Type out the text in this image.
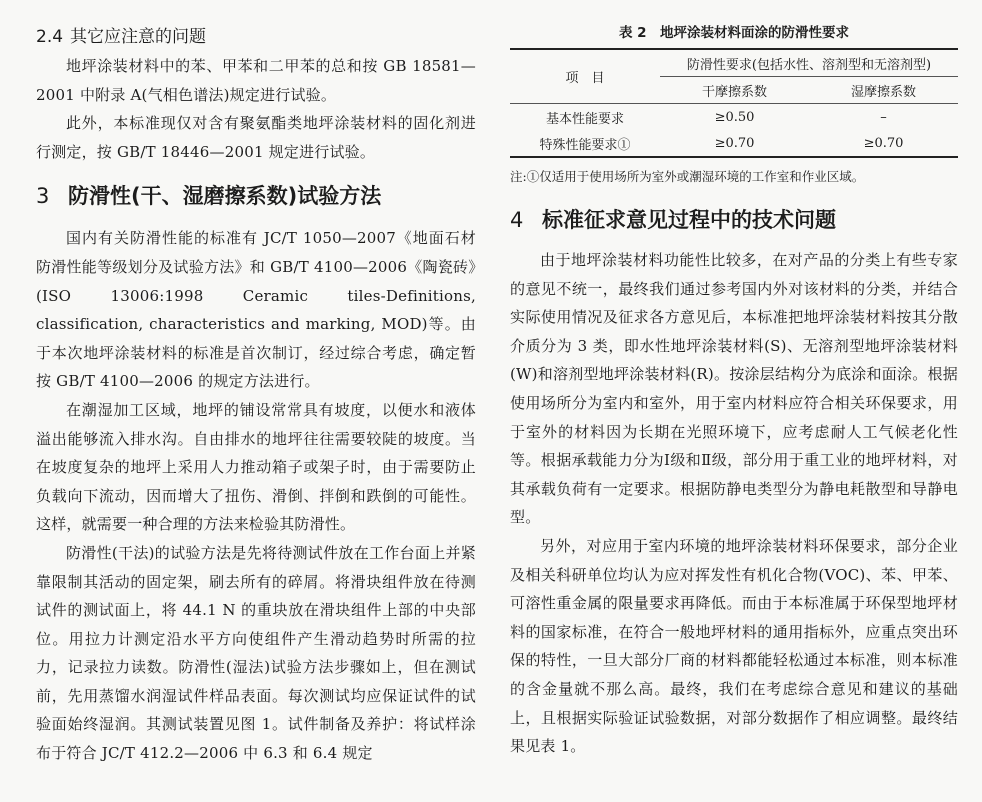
2.4 其它应注意的问题

地坪涂装材料中的苯、甲苯和二甲苯的总和按 GB 18581—2001 中附录 A(气相色谱法)规定进行试验。

此外，本标准现仅对含有聚氨酯类地坪涂装材料的固化剂进行测定，按 GB/T 18446—2001 规定进行试验。

3 防滑性(干、湿磨擦系数)试验方法

国内有关防滑性能的标准有 JC/T 1050—2007《地面石材防滑性能等级划分及试验方法》和 GB/T 4100—2006《陶瓷砖》(ISO 13006:1998 Ceramic tiles-Definitions, classification, characteristics and marking, MOD)等。由于本次地坪涂装材料的标准是首次制订，经过综合考虑，确定暂按 GB/T 4100—2006 的规定方法进行。

在潮湿加工区域，地坪的铺设常常具有坡度，以便水和液体溢出能够流入排水沟。自由排水的地坪往往需要较陡的坡度。当在坡度复杂的地坪上采用人力推动箱子或架子时，由于需要防止负载向下流动，因而增大了扭伤、滑倒、拌倒和跌倒的可能性。这样，就需要一种合理的方法来检验其防滑性。

防滑性(干法)的试验方法是先将待测试件放在工作台面上并紧靠限制其活动的固定架，刷去所有的碎屑。将滑块组件放在待测试件的测试面上，将 44.1 N 的重块放在滑块组件上部的中央部位。用拉力计测定沿水平方向使组件产生滑动趋势时所需的拉力，记录拉力读数。防滑性(湿法)试验方法步骤如上，但在测试前，先用蒸馏水润湿试件样品表面。每次测试均应保证试件的试验面始终湿润。其测试装置见图 1。试件制备及养护：将试样涂布于符合 JC/T 412.2—2006 中 6.3 和 6.4 规定

表 2　地坪涂装材料面涂的防滑性要求
项　目	防滑性要求(包括水性、溶剂型和无溶剂型)	
	干摩擦系数	湿摩擦系数
基本性能要求	≥0.50	–
特殊性能要求①	≥0.70	≥0.70
注:①仅适用于使用场所为室外或潮湿环境的工作室和作业区域。
4 标准征求意见过程中的技术问题

由于地坪涂装材料功能性比较多，在对产品的分类上有些专家的意见不统一，最终我们通过参考国内外对该材料的分类，并结合实际使用情况及征求各方意见后，本标准把地坪涂装材料按其分散介质分为 3 类，即水性地坪涂装材料(S)、无溶剂型地坪涂装材料(W)和溶剂型地坪涂装材料(R)。按涂层结构分为底涂和面涂。根据使用场所分为室内和室外，用于室内材料应符合相关环保要求，用于室外的材料因为长期在光照环境下，应考虑耐人工气候老化性等。根据承载能力分为Ⅰ级和Ⅱ级，部分用于重工业的地坪材料，对其承载负荷有一定要求。根据防静电类型分为静电耗散型和导静电型。

另外，对应用于室内环境的地坪涂装材料环保要求，部分企业及相关科研单位均认为应对挥发性有机化合物(VOC)、苯、甲苯、可溶性重金属的限量要求再降低。而由于本标准属于环保型地坪材料的国家标准，在符合一般地坪材料的通用指标外，应重点突出环保的特性，一旦大部分厂商的材料都能轻松通过本标准，则本标准的含金量就不那么高。最终，我们在考虑综合意见和建议的基础上，且根据实际验证试验数据，对部分数据作了相应调整。最终结果见表 1。
